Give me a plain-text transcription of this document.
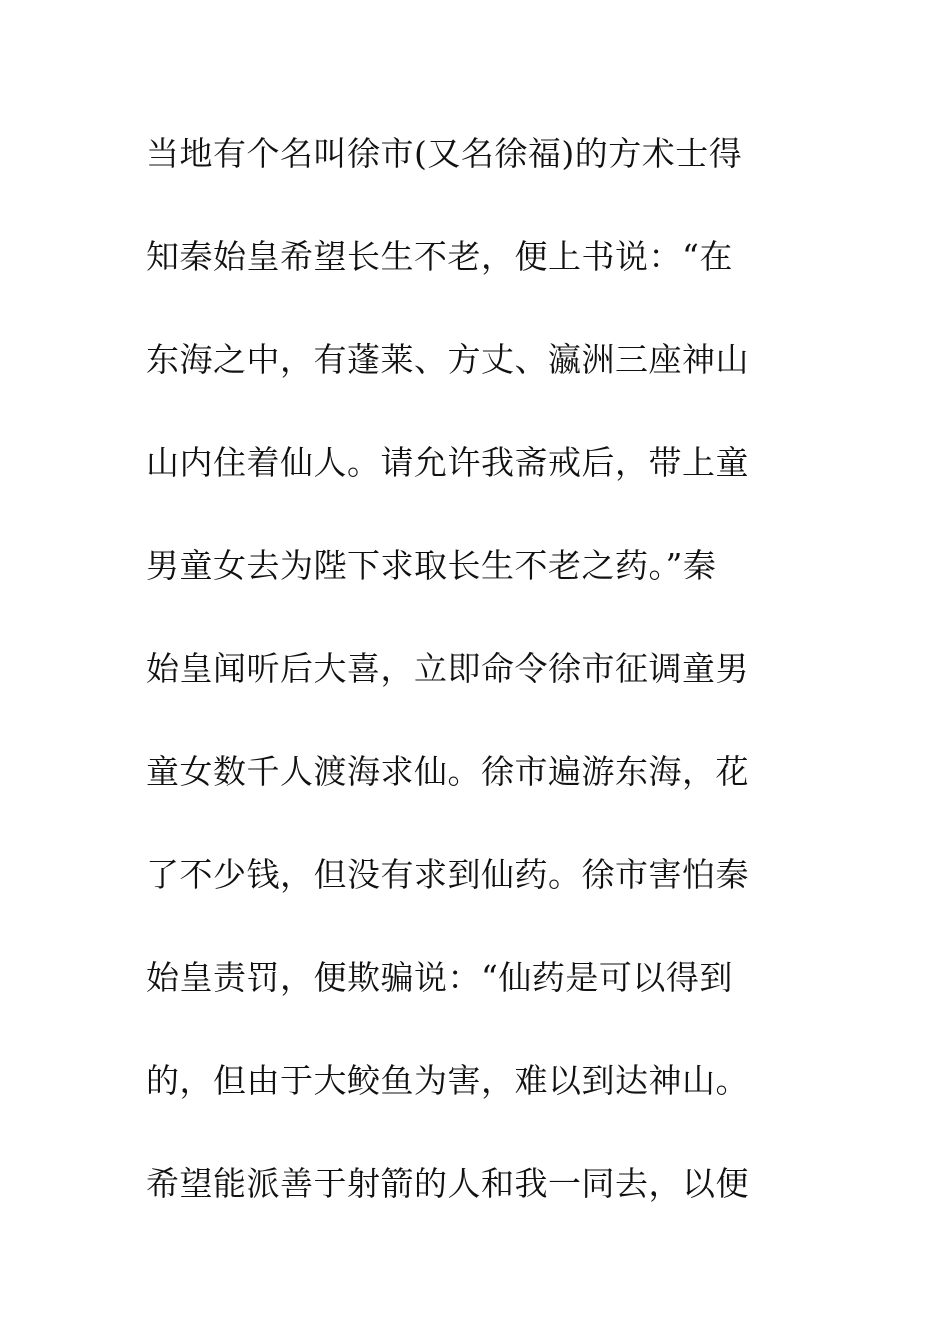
当地有个名叫徐市(又名徐福)的方术士得
知秦始皇希望长生不老，便上书说：“在
东海之中，有蓬莱、方丈、瀛洲三座神山
山内住着仙人。请允许我斋戒后，带上童
男童女去为陛下求取长生不老之药。”秦
始皇闻听后大喜，立即命令徐市征调童男
童女数千人渡海求仙。徐市遍游东海，花
了不少钱，但没有求到仙药。徐市害怕秦
始皇责罚，便欺骗说：“仙药是可以得到
的，但由于大鲛鱼为害，难以到达神山。
希望能派善于射箭的人和我一同去，以便
